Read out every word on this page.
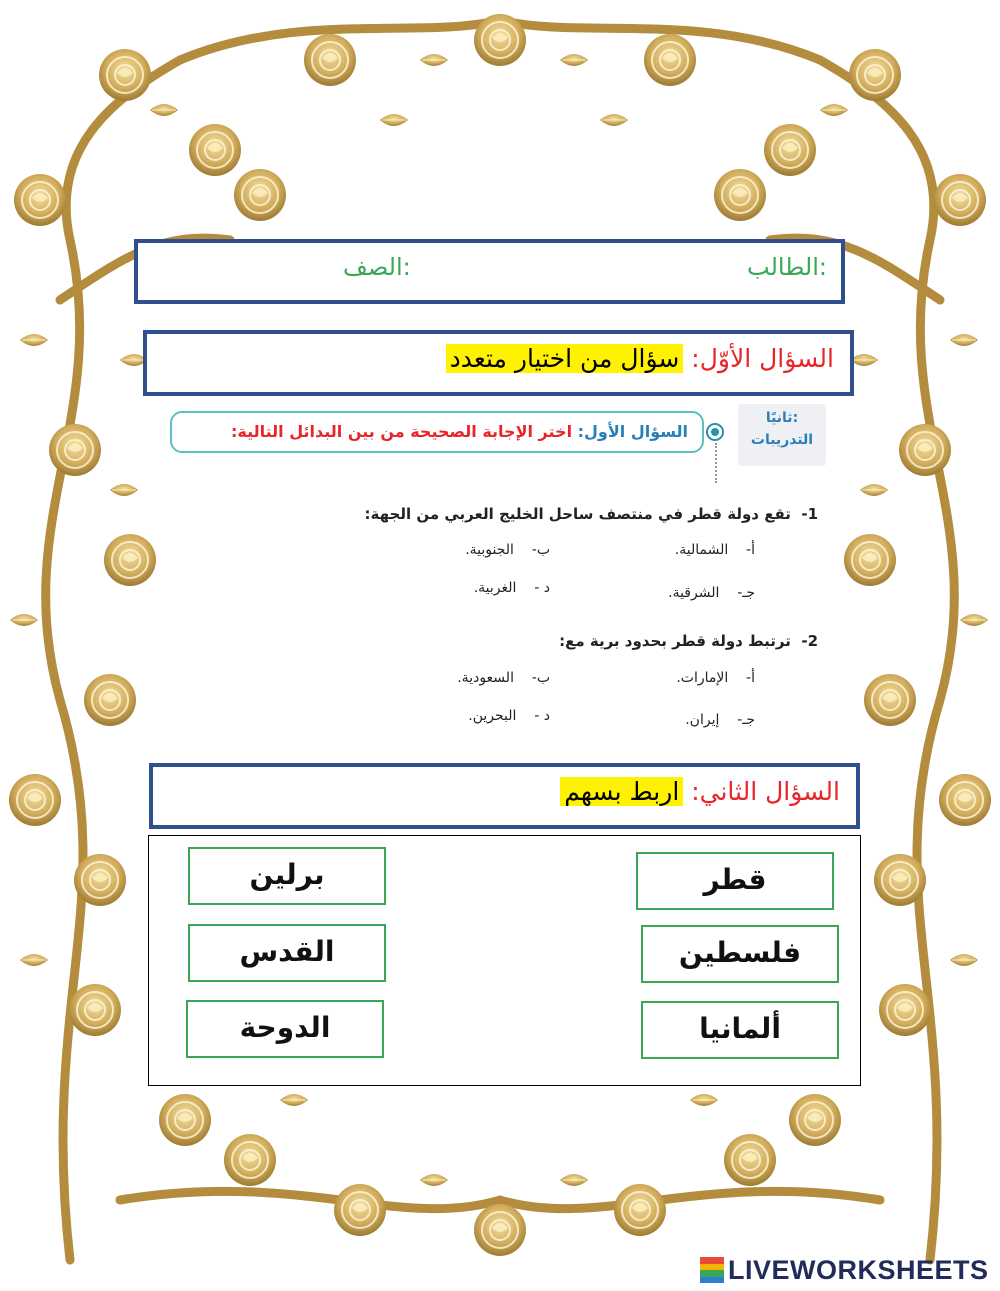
الطالب:
الصف:
السؤال الأوّل: سؤال من اختيار متعدد
ثانيًا:
التدريبات
السؤال الأول: اختر الإجابة الصحيحة من بين البدائل التالية:
1-  تقع دولة قطر في منتصف ساحل الخليج العربي من الجهة:
أ-    الشمالية.
ب-    الجنوبية.
جـ-    الشرقية.
د -    الغربية.
2-  ترتبط دولة قطر بحدود برية مع:
أ-    الإمارات.
ب-    السعودية.
جـ-    إيران.
د -    البحرين.
السؤال الثاني: اربط بسهم
قطر
فلسطين
ألمانيا
برلين
القدس
الدوحة
LIVEWORKSHEETS
